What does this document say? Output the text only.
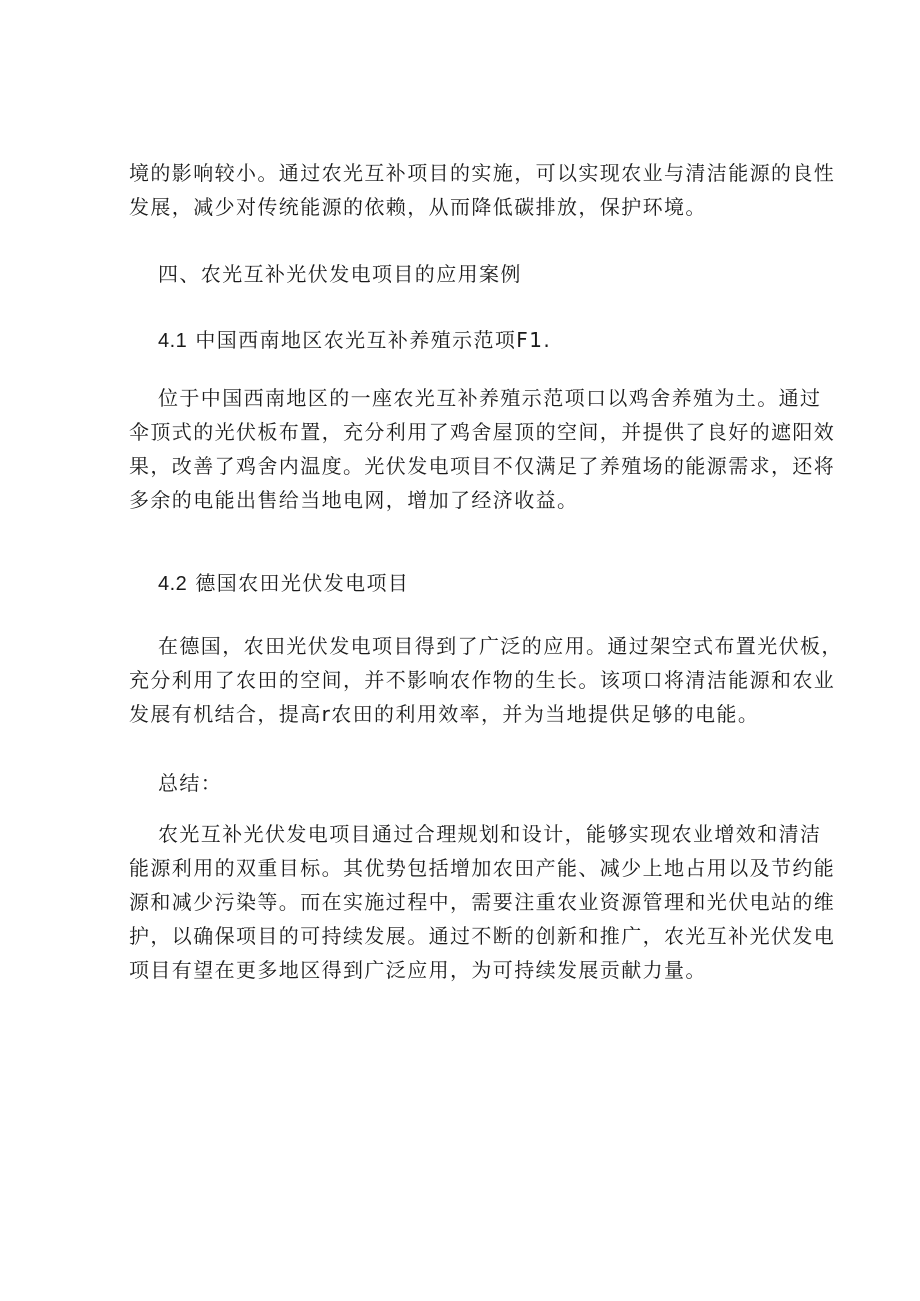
境的影响较小。通过农光互补项目的实施，可以实现农业与清洁能源的良性
发展，减少对传统能源的依赖，从而降低碳排放，保护环境。
四、农光互补光伏发电项目的应用案例
4.1 中国西南地区农光互补养殖示范项F1.
位于中国西南地区的一座农光互补养殖示范项口以鸡舍养殖为土。通过
伞顶式的光伏板布置，充分利用了鸡舍屋顶的空间，并提供了良好的遮阳效
果，改善了鸡舍内温度。光伏发电项目不仅满足了养殖场的能源需求，还将
多余的电能出售给当地电网，增加了经济收益。
4.2 德国农田光伏发电项目
在德国，农田光伏发电项目得到了广泛的应用。通过架空式布置光伏板，
充分利用了农田的空间，并不影响农作物的生长。该项口将清洁能源和农业
发展有机结合，提高r农田的利用效率，并为当地提供足够的电能。
总结：
农光互补光伏发电项目通过合理规划和设计，能够实现农业增效和清洁
能源利用的双重目标。其优势包括增加农田产能、减少上地占用以及节约能
源和减少污染等。而在实施过程中，需要注重农业资源管理和光伏电站的维
护，以确保项目的可持续发展。通过不断的创新和推广，农光互补光伏发电
项目有望在更多地区得到广泛应用，为可持续发展贡献力量。
